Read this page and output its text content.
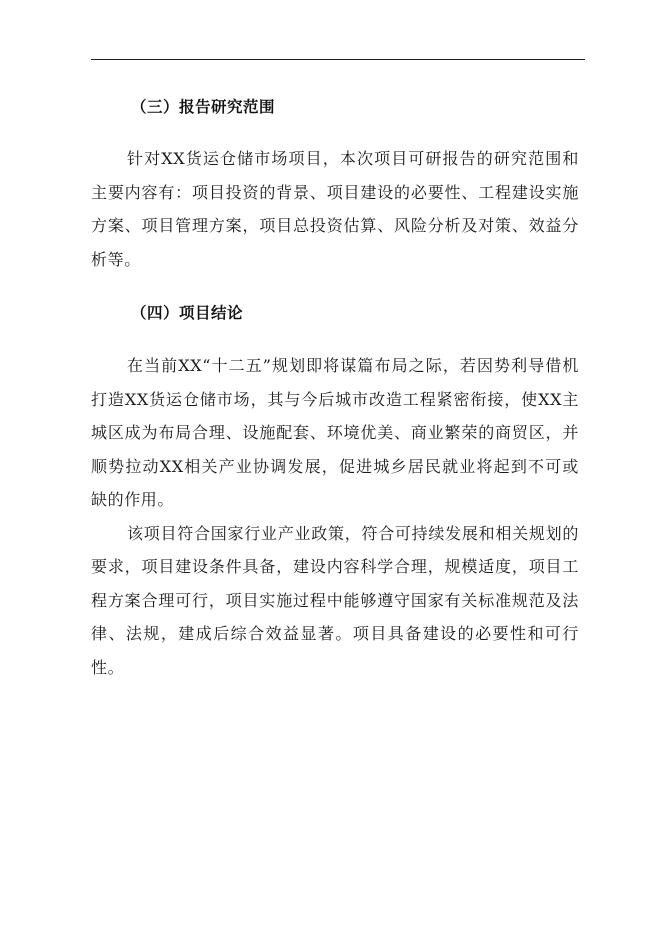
（三）报告研究范围

针对XX货运仓储市场项目，本次项目可研报告的研究范围和主要内容有：项目投资的背景、项目建设的必要性、工程建设实施方案、项目管理方案，项目总投资估算、风险分析及对策、效益分析等。

（四）项目结论

在当前XX“十二五”规划即将谋篇布局之际，若因势利导借机打造XX货运仓储市场，其与今后城市改造工程紧密衔接，使XX主城区成为布局合理、设施配套、环境优美、商业繁荣的商贸区，并顺势拉动XX相关产业协调发展，促进城乡居民就业将起到不可或缺的作用。

该项目符合国家行业产业政策，符合可持续发展和相关规划的要求，项目建设条件具备，建设内容科学合理，规模适度，项目工程方案合理可行，项目实施过程中能够遵守国家有关标准规范及法律、法规，建成后综合效益显著。项目具备建设的必要性和可行性。
